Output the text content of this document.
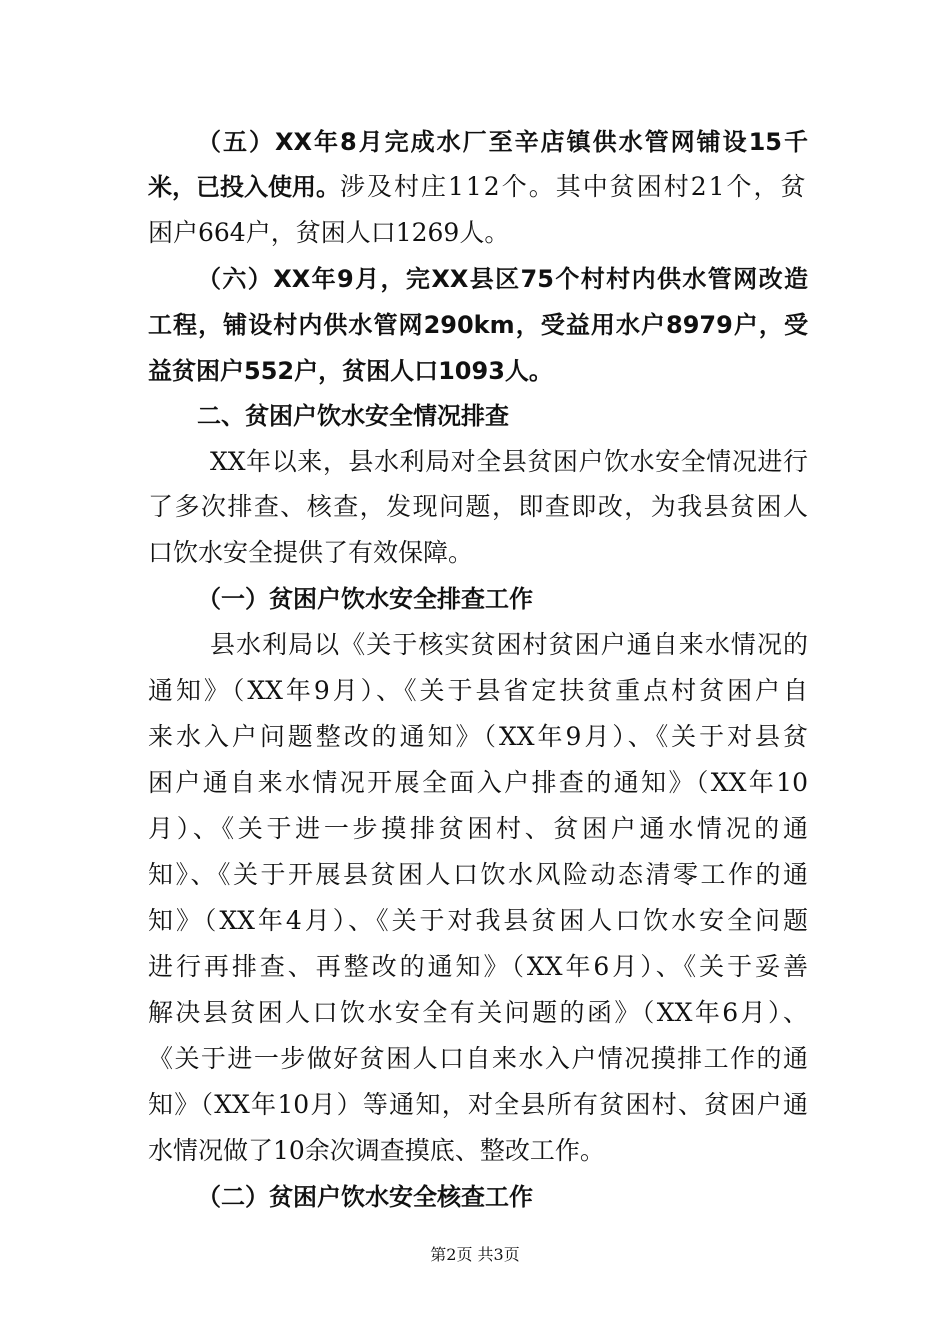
（五）XX年8月完成水厂至辛店镇供水管网铺设15千
米，已投入使用。涉及村庄112个。其中贫困村21个，贫
困户664户，贫困人口1269人。
（六）XX年9月，完XX县区75个村村内供水管网改造
工程，铺设村内供水管网290km，受益用水户8979户，受
益贫困户552户，贫困人口1093人。
二、贫困户饮水安全情况排查
XX年以来，县水利局对全县贫困户饮水安全情况进行
了多次排查、核查，发现问题，即查即改，为我县贫困人
口饮水安全提供了有效保障。
（一）贫困户饮水安全排查工作
县水利局以《关于核实贫困村贫困户通自来水情况的
通知》（XX年9月）、《关于县省定扶贫重点村贫困户自
来水入户问题整改的通知》（XX年9月）、《关于对县贫
困户通自来水情况开展全面入户排查的通知》（XX年10
月）、《关于进一步摸排贫困村、贫困户通水情况的通
知》、《关于开展县贫困人口饮水风险动态清零工作的通
知》（XX年4月）、《关于对我县贫困人口饮水安全问题
进行再排查、再整改的通知》（XX年6月）、《关于妥善
解决县贫困人口饮水安全有关问题的函》（XX年6月）、
《关于进一步做好贫困人口自来水入户情况摸排工作的通
知》（XX年10月）等通知，对全县所有贫困村、贫困户通
水情况做了10余次调查摸底、整改工作。
（二）贫困户饮水安全核查工作
第2页 共3页
